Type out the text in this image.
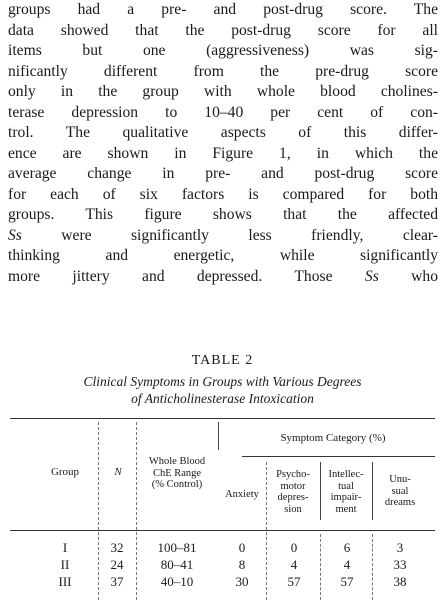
groups had a pre- and post-drug score. The
data showed that the post-drug score for all
items but one (aggressiveness) was sig-
nificantly different from the pre-drug score
only in the group with whole blood cholines-
terase depression to 10–40 per cent of con-
trol. The qualitative aspects of this differ-
ence are shown in Figure 1, in which the
average change in pre- and post-drug score
for each of six factors is compared for both
groups. This figure shows that the affected
Ss were significantly less friendly, clear-
thinking and energetic, while significantly
more jittery and depressed. Those Ss who
TABLE 2
Clinical Symptoms in Groups with Various Degrees
of Anticholinesterase Intoxication
Group	N
Whole Blood
ChE Range
(% Control)
Symptom Category (%)
Anxiety
Psycho-
motor
depres-
sion
Intellec-
tual
impair-
ment
Unu-
sual
dreams
I	32	100–81	0	0	6	3
II	24	80–41	8	4	4	33
III	37	40–10	30	57	57	38
